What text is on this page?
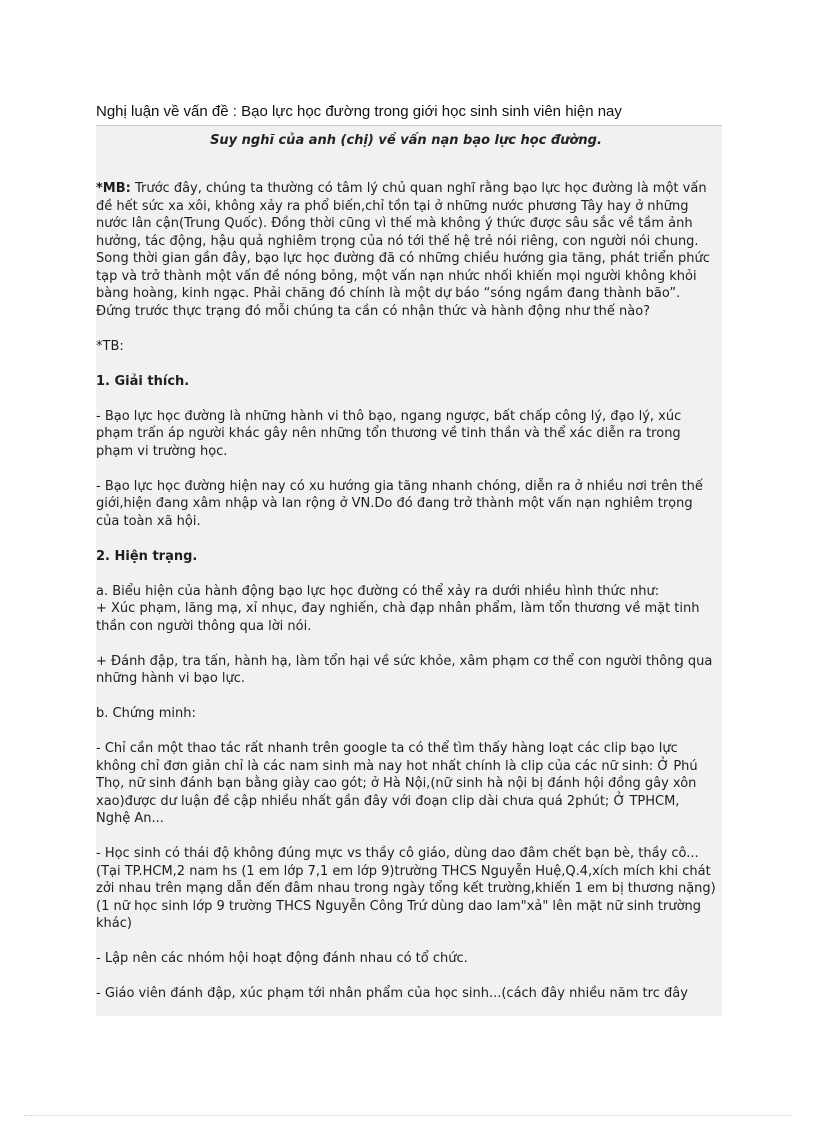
Nghị luận về vấn đề : Bạo lực học đường trong giới học sinh sinh viên hiện nay
Suy nghĩ của anh (chị) về vấn nạn bạo lực học đường.

*MB: Trước đây, chúng ta thường có tâm lý chủ quan nghĩ rằng bạo lực học đường là một vấn đề hết sức xa xôi, không xảy ra phổ biến,chỉ tồn tại ở những nước phương Tây hay ở những nước lân cận(Trung Quốc). Đồng thời cũng vì thế mà không ý thức được sâu sắc về tầm ảnh hưởng, tác động, hậu quả nghiêm trọng của nó tới thế hệ trẻ nói riêng, con người nói chung. Song thời gian gần đây, bạo lực học đường đã có những chiều hướng gia tăng, phát triển phức tạp và trở thành một vấn đề nóng bỏng, một vấn nạn nhức nhối khiến mọi người không khỏi bàng hoàng, kinh ngạc. Phải chăng đó chính là một dự báo “sóng ngầm đang thành bão”. Đứng trước thực trạng đó mỗi chúng ta cần có nhận thức và hành động như thế nào?

*TB:

1. Giải thích.

- Bạo lực học đường là những hành vi thô bạo, ngang ngược, bất chấp công lý, đạo lý, xúc phạm trấn áp người khác gây nên những tổn thương về tinh thần và thể xác diễn ra trong phạm vi trường học.

- Bạo lực học đường hiện nay có xu hướng gia tăng nhanh chóng, diễn ra ở nhiều nơi trên thế giới,hiện đang xâm nhập và lan rộng ở VN.Do đó đang trở thành một vấn nạn nghiêm trọng của toàn xã hội.

2. Hiện trạng.

a. Biểu hiện của hành động bạo lực học đường có thể xảy ra dưới nhiều hình thức như:

+ Xúc phạm, lăng mạ, xỉ nhục, đay nghiến, chà đạp nhân phẩm, làm tổn thương về mặt tinh thần con người thông qua lời nói.

+ Đánh đập, tra tấn, hành hạ, làm tổn hại về sức khỏe, xâm phạm cơ thể con người thông qua những hành vi bạo lực.

b. Chứng minh:

- Chỉ cần một thao tác rất nhanh trên google ta có thể tìm thấy hàng loạt các clip bạo lực không chỉ đơn giản chỉ là các nam sinh mà nay hot nhất chính là clip của các nữ sinh: Ở Phú Thọ, nữ sinh đánh bạn bằng giày cao gót; ở Hà Nội,(nữ sinh hà nội bị đánh hội đồng gây xôn xao)được dư luận đề cập nhiều nhất gần đây với đoạn clip dài chưa quá 2phút; Ở TPHCM, Nghệ An...

- Học sinh có thái độ không đúng mực vs thầy cô giáo, dùng dao đâm chết bạn bè, thầy cô...(Tại TP.HCM,2 nam hs (1 em lớp 7,1 em lớp 9)trường THCS Nguyễn Huệ,Q.4,xích mích khi chát zởi nhau trên mạng dẫn đến đâm nhau trong ngày tổng kết trường,khiến 1 em bị thương nặng)(1 nữ học sinh lớp 9 trường THCS Nguyễn Công Trứ dùng dao lam"xả" lên mặt nữ sinh trường khác)

- Lập nên các nhóm hội hoạt động đánh nhau có tổ chức.

- Giáo viên đánh đập, xúc phạm tới nhân phẩm của học sinh...(cách đây nhiều năm trc đây
